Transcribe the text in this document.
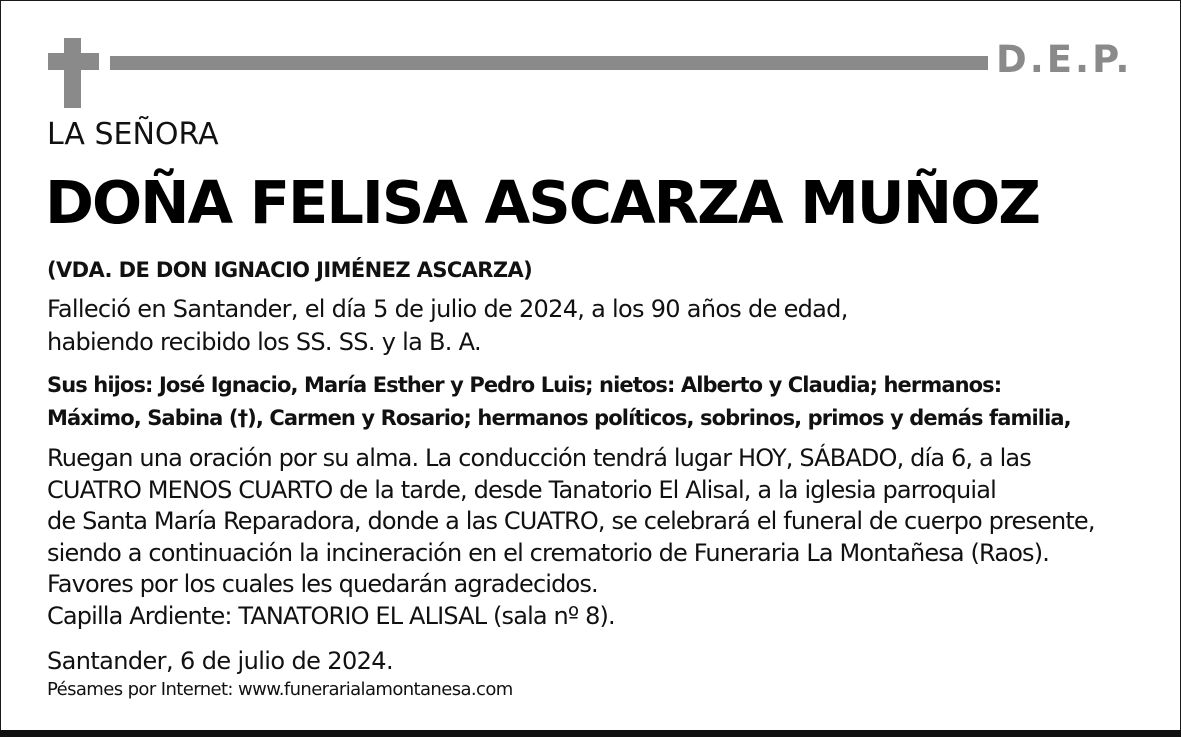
D.E.P.
LA SEÑORA
DOÑA FELISA ASCARZA MUÑOZ
(VDA. DE DON IGNACIO JIMÉNEZ ASCARZA)
Falleció en Santander, el día 5 de julio de 2024, a los 90 años de edad,
habiendo recibido los SS. SS. y la B. A.
Sus hijos: José Ignacio, María Esther y Pedro Luis; nietos: Alberto y Claudia; hermanos:
Máximo, Sabina (†), Carmen y Rosario; hermanos políticos, sobrinos, primos y demás familia,
Ruegan una oración por su alma. La conducción tendrá lugar HOY, SÁBADO, día 6, a las
CUATRO MENOS CUARTO de la tarde, desde Tanatorio El Alisal, a la iglesia parroquial
de Santa María Reparadora, donde a las CUATRO, se celebrará el funeral de cuerpo presente,
siendo a continuación la incineración en el crematorio de Funeraria La Montañesa (Raos).
Favores por los cuales les quedarán agradecidos.
Capilla Ardiente: TANATORIO EL ALISAL (sala nº 8).
Santander, 6 de julio de 2024.
Pésames por Internet: www.funerarialamontanesa.com
